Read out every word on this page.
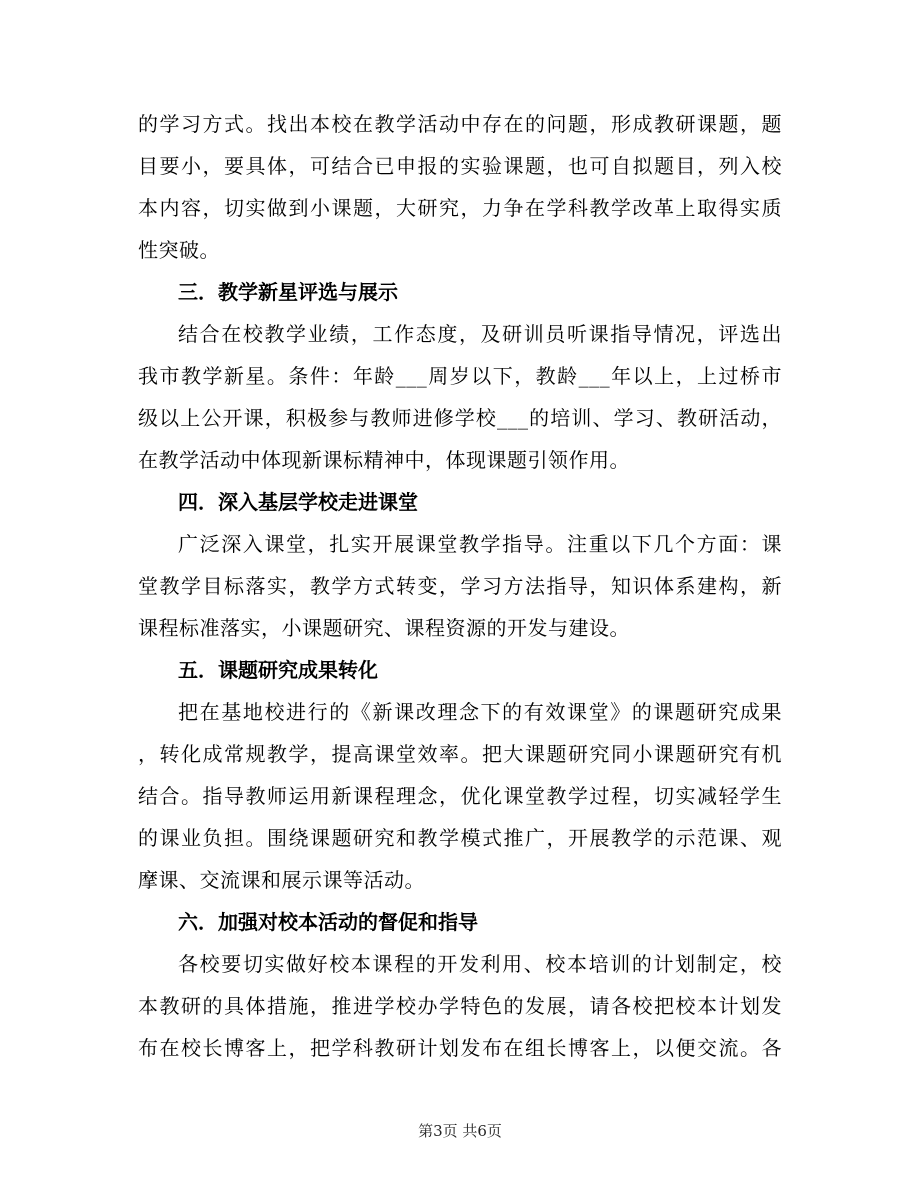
的学习方式。找出本校在教学活动中存在的问题，形成教研课题，题
目要小，要具体，可结合已申报的实验课题，也可自拟题目，列入校
本内容，切实做到小课题，大研究，力争在学科教学改革上取得实质
性突破。
三．教学新星评选与展示
结合在校教学业绩，工作态度，及研训员听课指导情况，评选出
我市教学新星。条件：年龄___周岁以下，教龄___年以上，上过桥市
级以上公开课，积极参与教师进修学校___的培训、学习、教研活动，
在教学活动中体现新课标精神中，体现课题引领作用。
四．深入基层学校走进课堂
广泛深入课堂，扎实开展课堂教学指导。注重以下几个方面：课
堂教学目标落实，教学方式转变，学习方法指导，知识体系建构，新
课程标准落实，小课题研究、课程资源的开发与建设。
五．课题研究成果转化
把在基地校进行的《新课改理念下的有效课堂》的课题研究成果
，转化成常规教学，提高课堂效率。把大课题研究同小课题研究有机
结合。指导教师运用新课程理念，优化课堂教学过程，切实减轻学生
的课业负担。围绕课题研究和教学模式推广，开展教学的示范课、观
摩课、交流课和展示课等活动。
六．加强对校本活动的督促和指导
各校要切实做好校本课程的开发利用、校本培训的计划制定，校
本教研的具体措施，推进学校办学特色的发展，请各校把校本计划发
布在校长博客上，把学科教研计划发布在组长博客上，以便交流。各
第3页 共6页
